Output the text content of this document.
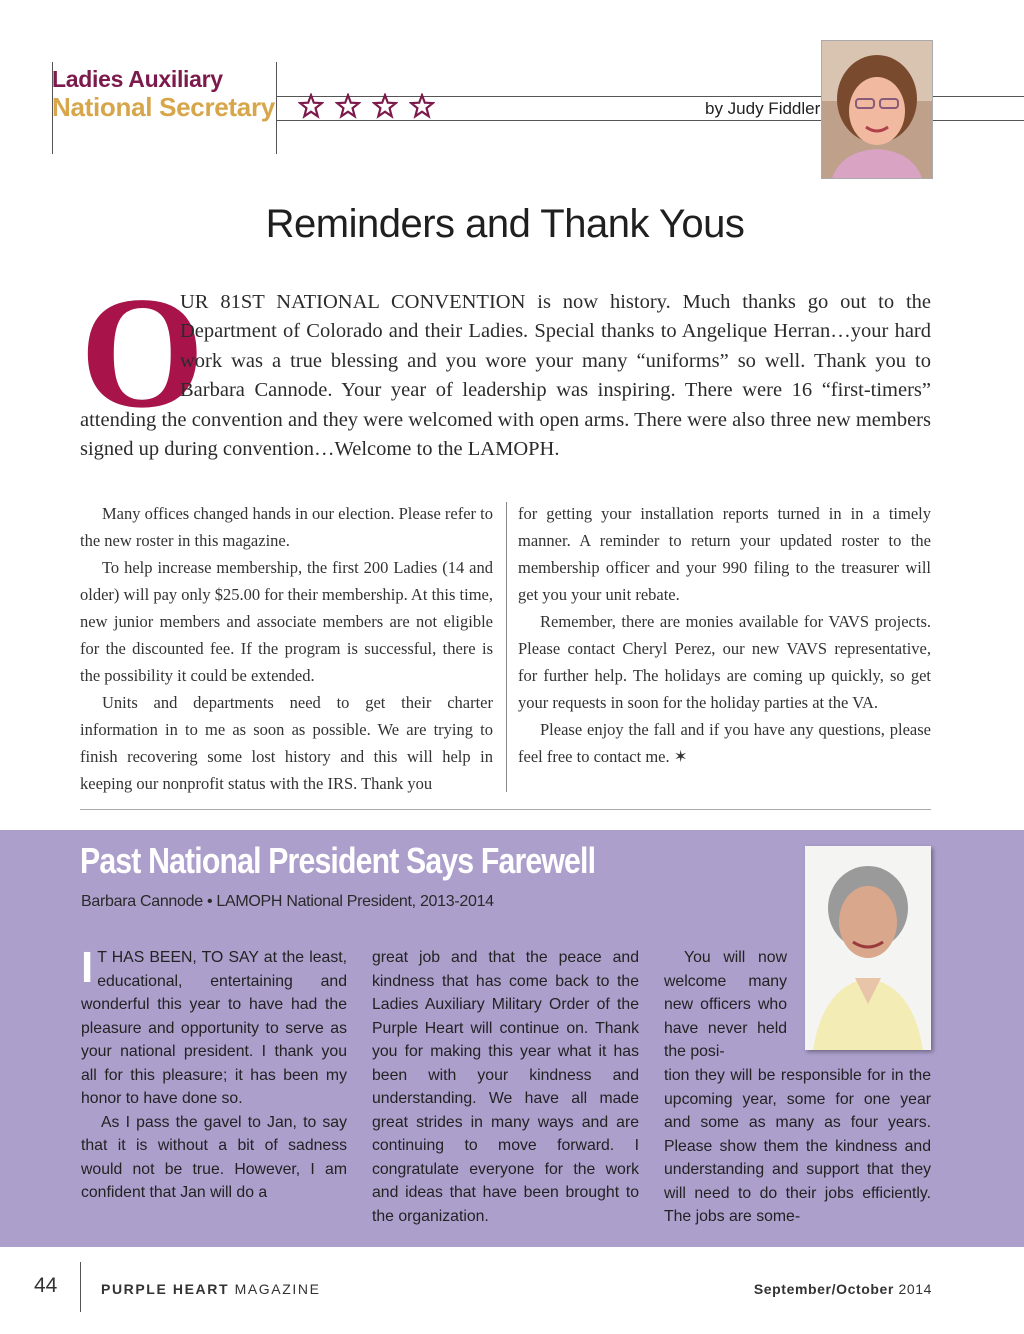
Ladies Auxiliary
National Secretary	by Judy Fiddler
Reminders and Thank Yous
O
UR 81ST NATIONAL CONVENTION is now history. Much thanks go out to the Department of Colorado and their Ladies. Special thanks to Angelique Herran…your hard work was a true blessing and you wore your many “uniforms” so well. Thank you to Barbara Cannode. Your year of leadership was inspiring. There were 16 “first-timers” attending the convention and they were welcomed with open arms. There were also three new members signed up during convention…Welcome to the LAMOPH.

Many offices changed hands in our election. Please refer to the new roster in this magazine.

To help increase membership, the first 200 Ladies (14 and older) will pay only $25.00 for their membership. At this time, new junior members and associate members are not eligible for the discounted fee. If the program is successful, there is the possibility it could be extended.

Units and departments need to get their charter information in to me as soon as possible. We are trying to finish recovering some lost history and this will help in keeping our nonprofit status with the IRS. Thank you

for getting your installation reports turned in in a timely manner. A reminder to return your updated roster to the membership officer and your 990 filing to the treasurer will get you your unit rebate.

Remember, there are monies available for VAVS projects. Please contact Cheryl Perez, our new VAVS representative, for further help. The holidays are coming up quickly, so get your requests in soon for the holiday parties at the VA.

Please enjoy the fall and if you have any questions, please feel free to contact me. ✶

Past National President Says Farewell
Barbara Cannode • LAMOPH National President, 2013-2014

I T HAS BEEN, TO SAY at the least, educational, entertaining and wonderful this year to have had the pleasure and opportunity to serve as your national president. I thank you all for this pleasure; it has been my honor to have done so.

As I pass the gavel to Jan, to say that it is without a bit of sadness would not be true. However, I am confident that Jan will do a

great job and that the peace and kindness that has come back to the Ladies Auxiliary Military Order of the Purple Heart will continue on. Thank you for making this year what it has been with your kindness and understanding. We have all made great strides in many ways and are continuing to move forward. I congratulate everyone for the work and ideas that have been brought to the organization.

You will now welcome many new officers who have never held the posi-

tion they will be responsible for in the upcoming year, some for one year and some as many as four years. Please show them the kindness and understanding and support that they will need to do their jobs efficiently. The jobs are some-

44	PURPLE HEART MAGAZINE	September/October 2014
